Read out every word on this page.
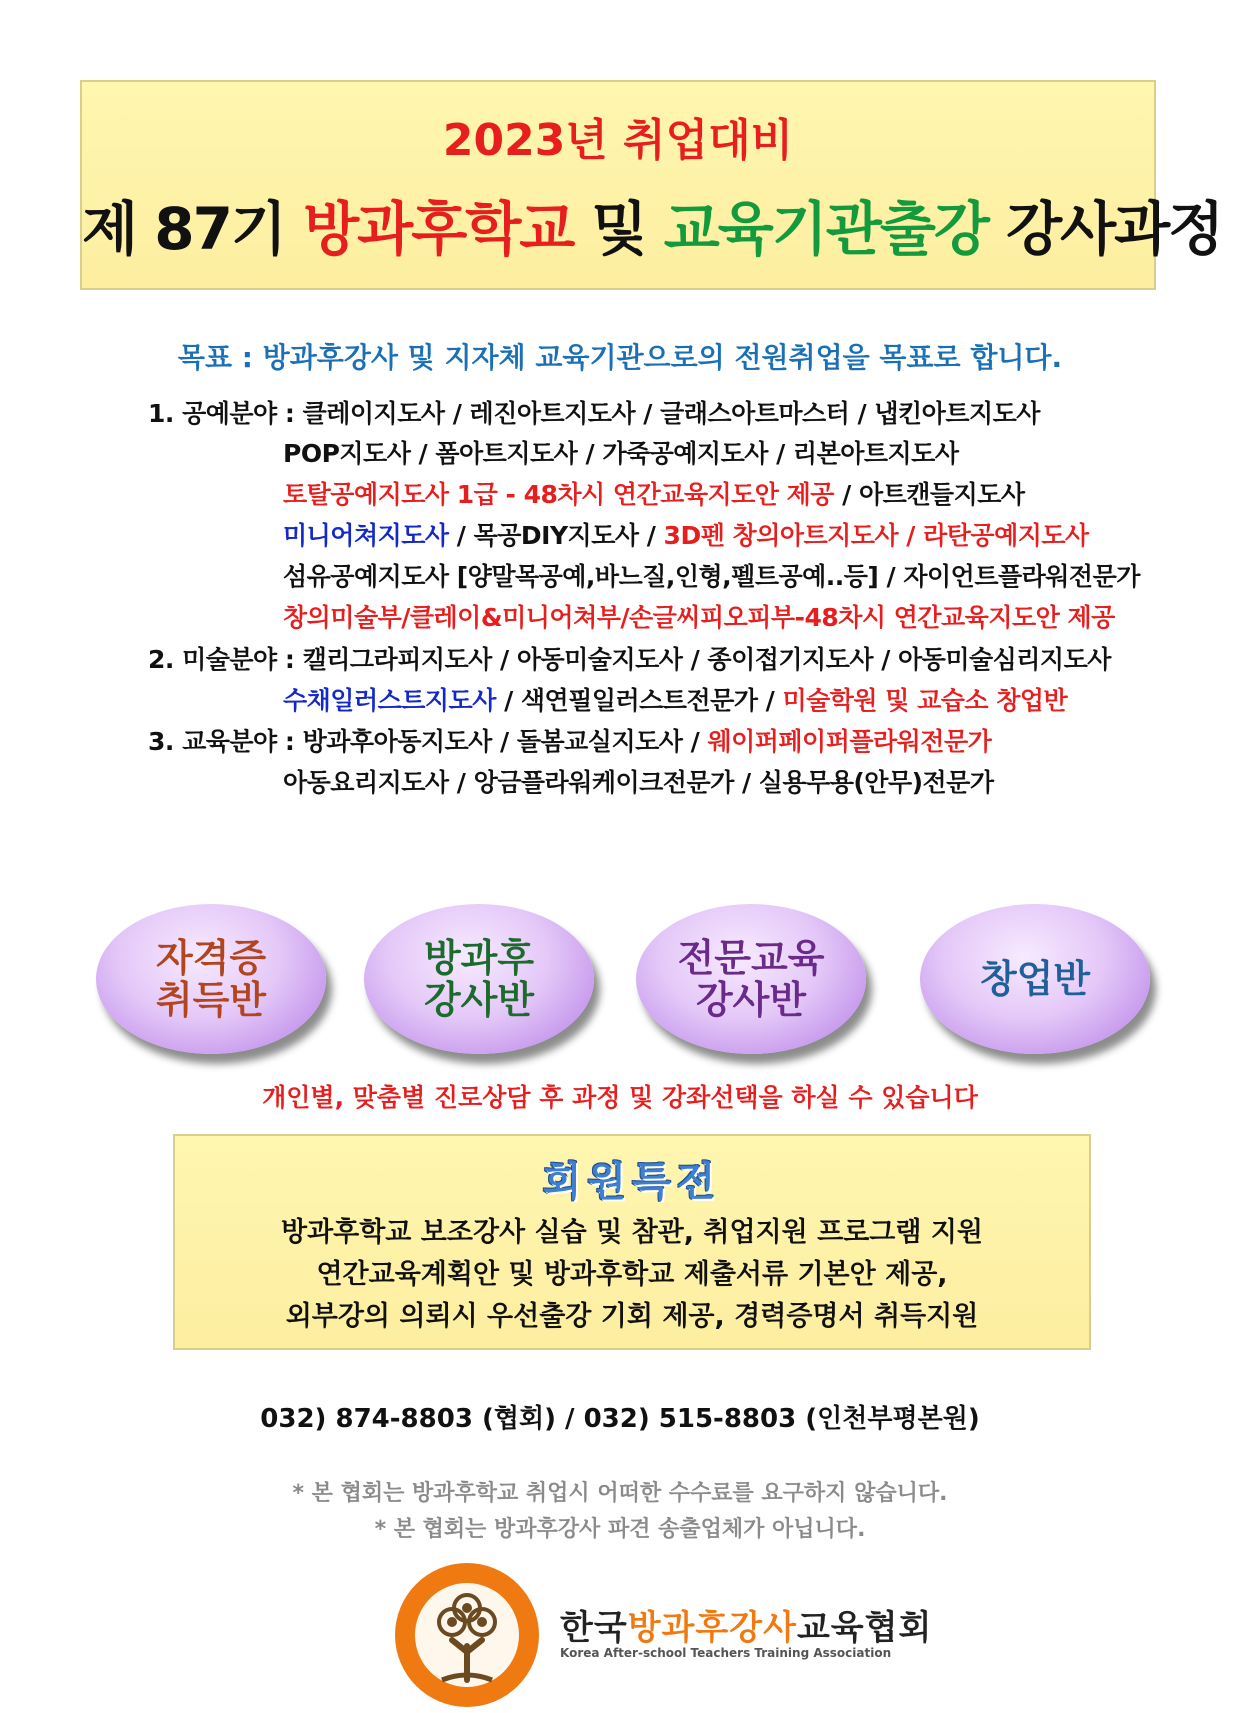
2023년 취업대비
제 87기 방과후학교 및 교육기관출강 강사과정
목표 : 방과후강사 및 지자체 교육기관으로의 전원취업을 목표로 합니다.
1. 공예분야 : 클레이지도사 / 레진아트지도사 / 글래스아트마스터 / 냅킨아트지도사
POP지도사 / 폼아트지도사 / 가죽공예지도사 / 리본아트지도사
토탈공예지도사 1급 - 48차시 연간교육지도안 제공 / 아트캔들지도사
미니어쳐지도사 / 목공DIY지도사 / 3D펜 창의아트지도사 / 라탄공예지도사
섬유공예지도사 [양말목공예,바느질,인형,펠트공예..등] / 자이언트플라워전문가
창의미술부/클레이&미니어쳐부/손글씨피오피부-48차시 연간교육지도안 제공
2. 미술분야 : 캘리그라피지도사 / 아동미술지도사 / 종이접기지도사 / 아동미술심리지도사
수채일러스트지도사 / 색연필일러스트전문가 / 미술학원 및 교습소 창업반
3. 교육분야 : 방과후아동지도사 / 돌봄교실지도사 / 웨이퍼페이퍼플라워전문가
아동요리지도사 / 앙금플라워케이크전문가 / 실용무용(안무)전문가
자격증
취득반
방과후
강사반
전문교육
강사반	창업반
개인별, 맞춤별 진로상담 후 과정 및 강좌선택을 하실 수 있습니다
회원특전
방과후학교 보조강사 실습 및 참관, 취업지원 프로그램 지원
연간교육계획안 및 방과후학교 제출서류 기본안 제공,
외부강의 의뢰시 우선출강 기회 제공, 경력증명서 취득지원
032) 874-8803 (협회) / 032) 515-8803 (인천부평본원)
* 본 협회는 방과후학교 취업시 어떠한 수수료를 요구하지 않습니다.
* 본 협회는 방과후강사 파견 송출업체가 아닙니다.
한국방과후강사교육협회
Korea After-school Teachers Training Association
